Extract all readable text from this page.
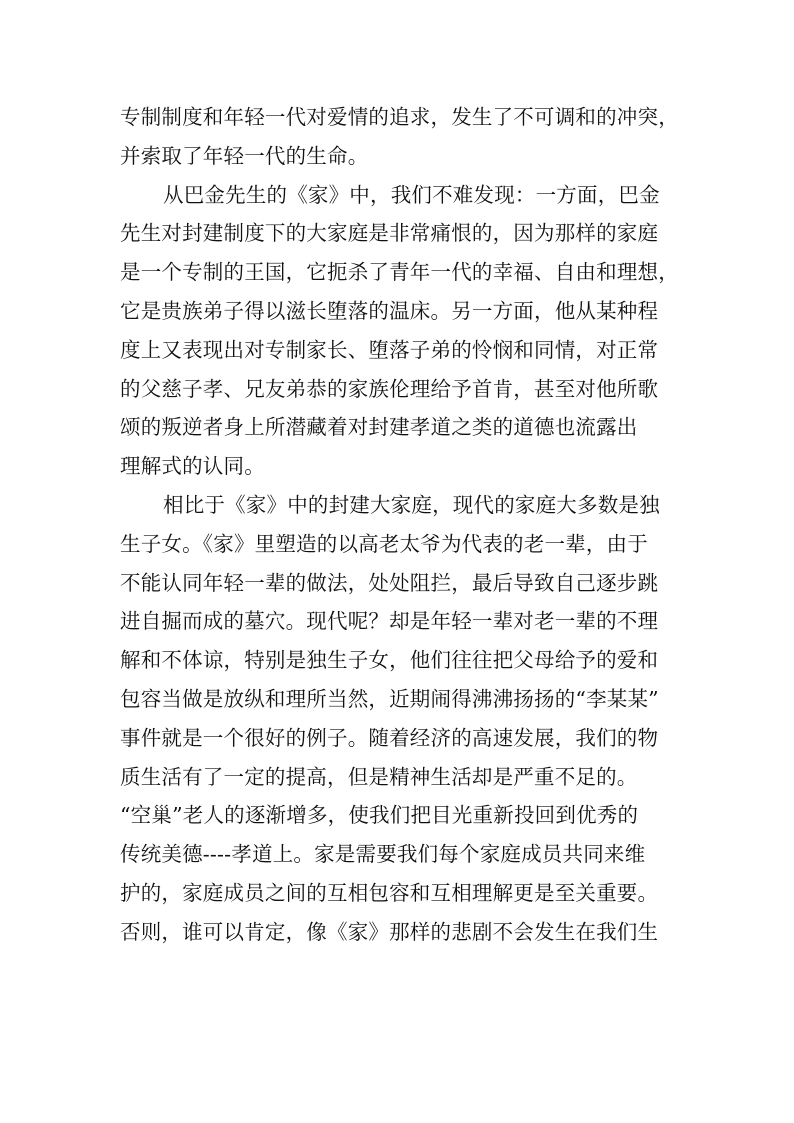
专制制度和年轻一代对爱情的追求，发生了不可调和的冲突，
并索取了年轻一代的生命。
从巴金先生的《家》中，我们不难发现：一方面，巴金
先生对封建制度下的大家庭是非常痛恨的，因为那样的家庭
是一个专制的王国，它扼杀了青年一代的幸福、自由和理想，
它是贵族弟子得以滋长堕落的温床。另一方面，他从某种程
度上又表现出对专制家长、堕落子弟的怜悯和同情，对正常
的父慈子孝、兄友弟恭的家族伦理给予首肯，甚至对他所歌
颂的叛逆者身上所潜藏着对封建孝道之类的道德也流露出
理解式的认同。
相比于《家》中的封建大家庭，现代的家庭大多数是独
生子女。《家》里塑造的以高老太爷为代表的老一辈，由于
不能认同年轻一辈的做法，处处阻拦，最后导致自己逐步跳
进自掘而成的墓穴。现代呢？却是年轻一辈对老一辈的不理
解和不体谅，特别是独生子女，他们往往把父母给予的爱和
包容当做是放纵和理所当然，近期闹得沸沸扬扬的“李某某”
事件就是一个很好的例子。随着经济的高速发展，我们的物
质生活有了一定的提高，但是精神生活却是严重不足的。
“空巢”老人的逐渐增多，使我们把目光重新投回到优秀的
传统美德----孝道上。家是需要我们每个家庭成员共同来维
护的，家庭成员之间的互相包容和互相理解更是至关重要。
否则，谁可以肯定，像《家》那样的悲剧不会发生在我们生
